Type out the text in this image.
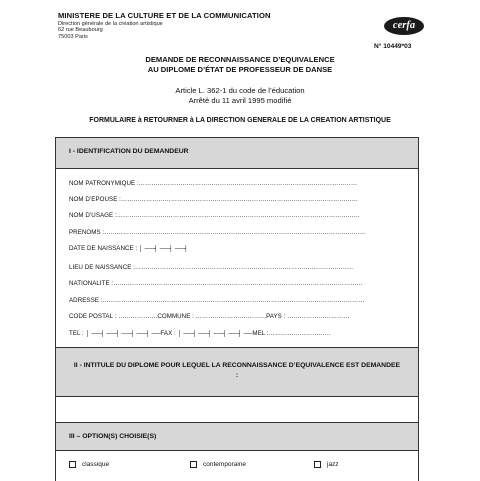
MINISTERE DE LA CULTURE ET DE LA COMMUNICATION
Direction générale de la création artistique
62 rue Beaubourg
75003 Paris
cerfa
N° 10449*03
DEMANDE DE RECONNAISSANCE D’EQUIVALENCE
AU DIPLOME D’ÉTAT DE PROFESSEUR DE DANSE
Article L. 362-1 du code de l’éducation
Arrêté du 11 avril 1995 modifié
FORMULAIRE à RETOURNER à LA DIRECTION GENERALE DE LA CREATION ARTISTIQUE
I - IDENTIFICATION DU DEMANDEUR
NOM PATRONYMIQUE :……………………………………………………………………………………………
NOM D’EPOUSE :……………………………………………………………………………………………………
NOM D’USAGE :………………………………………………………………………………………………………
PRENOMS :………………………………………………………………………………………………………………
DATE DE NAISSANCE : │ ──┤ ──┤ ──┤
LIEU DE NAISSANCE :……………………………………………………………………………………………
NATIONALITE :…………………………………………………………………………………………………………
ADRESSE :………………………………………………………………………………………………………………
CODE POSTAL : ……………….COMMUNE : …………………………….PAYS : …………………………
TEL : │ ──┤ ──┤ ──┤ ──┤ ──FAX : │ ──┤ ──┤ ──┤ ──┤ ──MEL :…………………………
II - INTITULE DU DIPLOME POUR LEQUEL LA RECONNAISSANCE D’EQUIVALENCE EST DEMANDEE :
III – OPTION(S) CHOISIE(S)
classique	contemporaine	jazz
